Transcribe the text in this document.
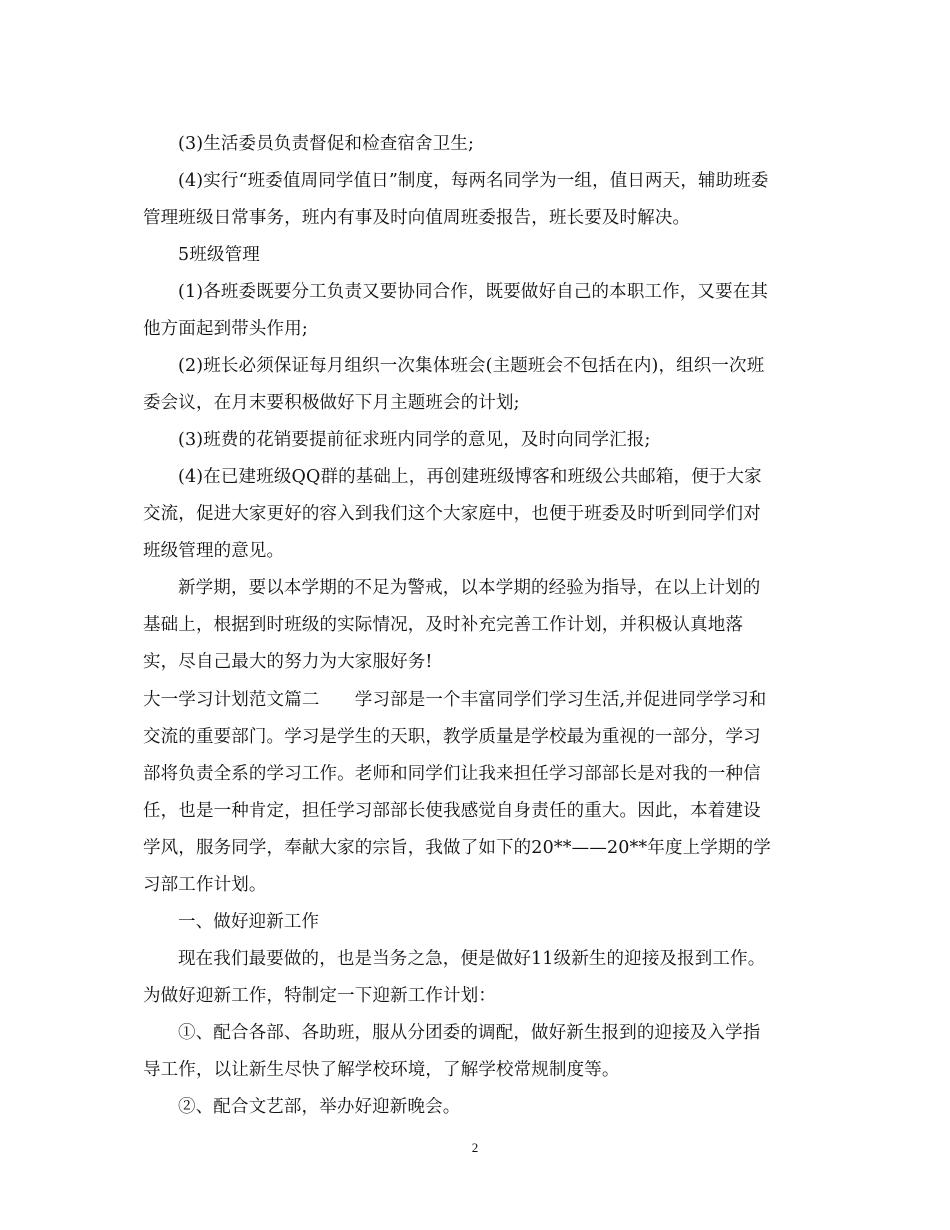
(3)生活委员负责督促和检查宿舍卫生;
(4)实行“班委值周同学值日”制度，每两名同学为一组，值日两天，辅助班委
管理班级日常事务，班内有事及时向值周班委报告，班长要及时解决。
5班级管理
(1)各班委既要分工负责又要协同合作，既要做好自己的本职工作，又要在其
他方面起到带头作用;
(2)班长必须保证每月组织一次集体班会(主题班会不包括在内)，组织一次班
委会议，在月末要积极做好下月主题班会的计划;
(3)班费的花销要提前征求班内同学的意见，及时向同学汇报;
(4)在已建班级QQ群的基础上，再创建班级博客和班级公共邮箱，便于大家
交流，促进大家更好的容入到我们这个大家庭中，也便于班委及时听到同学们对
班级管理的意见。
新学期，要以本学期的不足为警戒，以本学期的经验为指导，在以上计划的
基础上，根据到时班级的实际情况，及时补充完善工作计划，并积极认真地落
实，尽自己最大的努力为大家服好务!
大一学习计划范文篇二　　学习部是一个丰富同学们学习生活,并促进同学学习和
交流的重要部门。学习是学生的天职，教学质量是学校最为重视的一部分，学习
部将负责全系的学习工作。老师和同学们让我来担任学习部部长是对我的一种信
任，也是一种肯定，担任学习部部长使我感觉自身责任的重大。因此，本着建设
学风，服务同学，奉献大家的宗旨，我做了如下的20**——20**年度上学期的学
习部工作计划。
一、做好迎新工作
现在我们最要做的，也是当务之急，便是做好11级新生的迎接及报到工作。
为做好迎新工作，特制定一下迎新工作计划：
①、配合各部、各助班，服从分团委的调配，做好新生报到的迎接及入学指
导工作，以让新生尽快了解学校环境，了解学校常规制度等。
②、配合文艺部，举办好迎新晚会。
2
